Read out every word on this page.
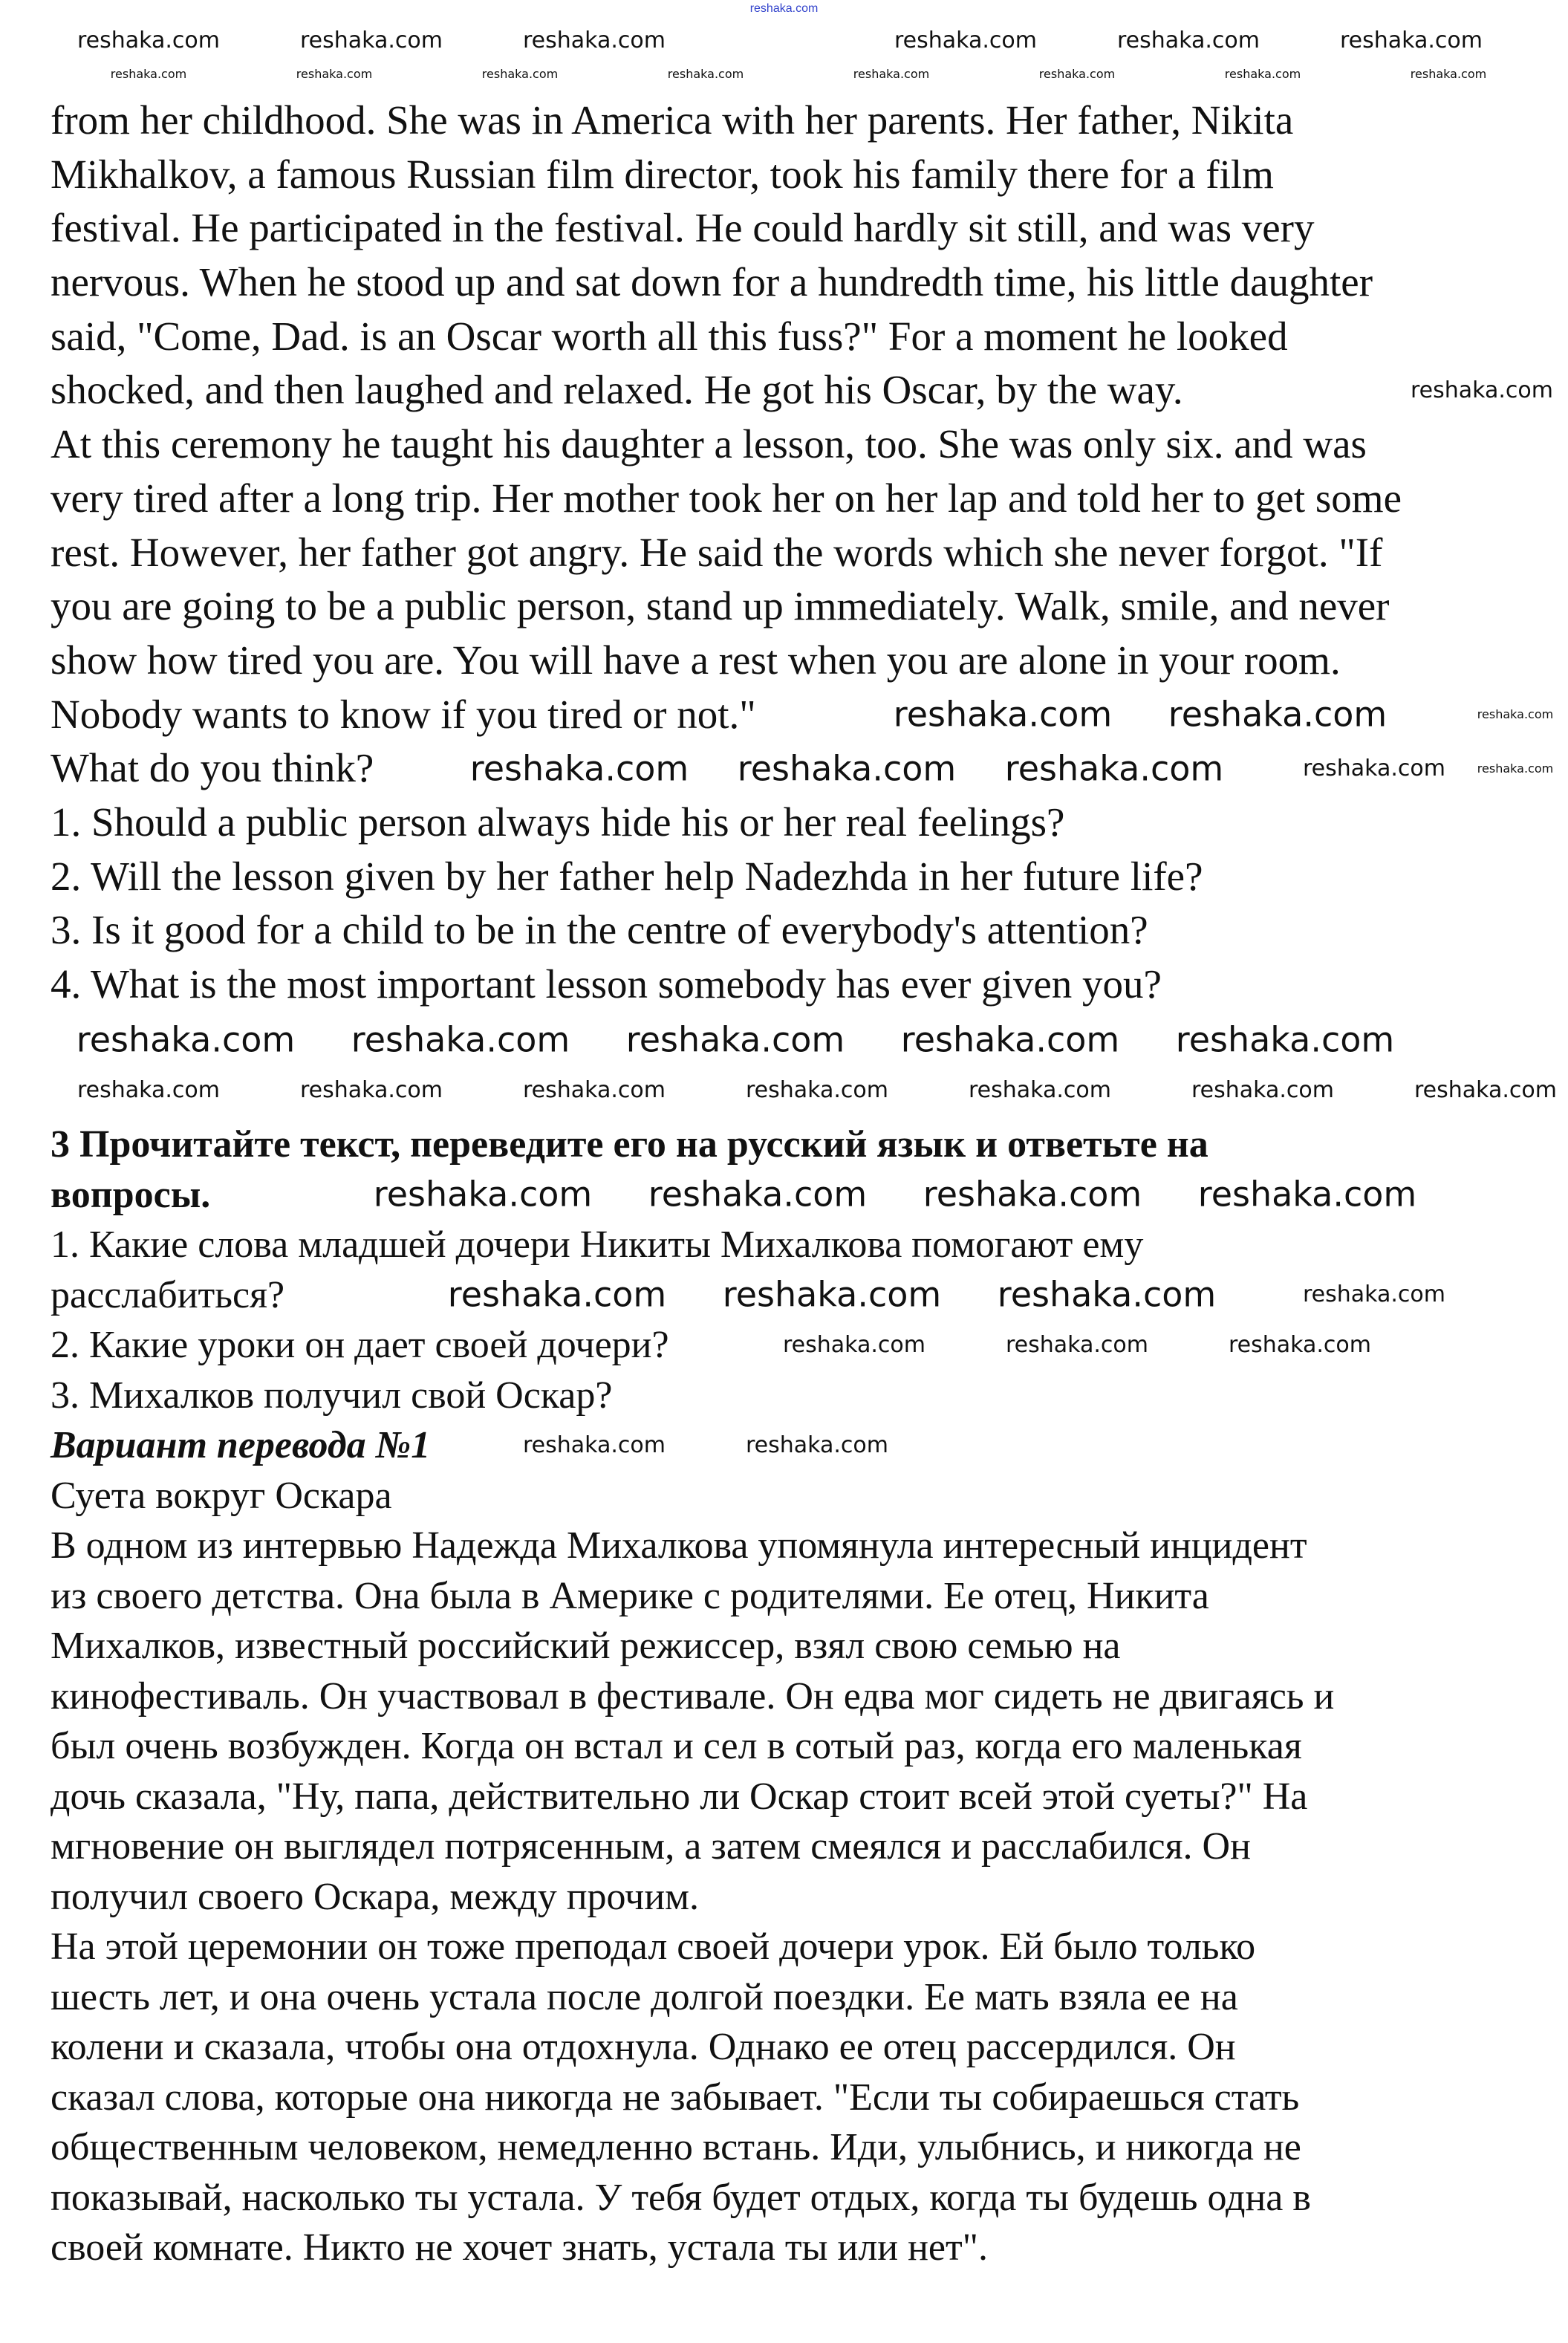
reshaka.com
from her childhood. She was in America with her parents. Her father, Nikita
Mikhalkov, a famous Russian film director, took his family there for a film
festival. He participated in the festival. He could hardly sit still, and was very
nervous. When he stood up and sat down for a hundredth time, his little daughter
said, "Come, Dad. is an Oscar worth all this fuss?" For a moment he looked
shocked, and then laughed and relaxed. He got his Oscar, by the way.
At this ceremony he taught his daughter a lesson, too. She was only six. and was
very tired after a long trip. Her mother took her on her lap and told her to get some
rest. However, her father got angry. He said the words which she never forgot. "If
you are going to be a public person, stand up immediately. Walk, smile, and never
show how tired you are. You will have a rest when you are alone in your room.
Nobody wants to know if you tired or not."
What do you think?
1. Should a public person always hide his or her real feelings?
2. Will the lesson given by her father help Nadezhda in her future life?
3. Is it good for a child to be in the centre of everybody's attention?
4. What is the most important lesson somebody has ever given you?
3 Прочитайте текст, переведите его на русский язык и ответьте на
вопросы.
1. Какие слова младшей дочери Никиты Михалкова помогают ему
расслабиться?
2. Какие уроки он дает своей дочери?
3. Михалков получил свой Оскар?
Вариант перевода №1
Суета вокруг Оскара
В одном из интервью Надежда Михалкова упомянула интересный инцидент
из своего детства. Она была в Америке с родителями. Ее отец, Никита
Михалков, известный российский режиссер, взял свою семью на
кинофестиваль. Он участвовал в фестивале. Он едва мог сидеть не двигаясь и
был очень возбужден. Когда он встал и сел в сотый раз, когда его маленькая
дочь сказала, "Ну, папа, действительно ли Оскар стоит всей этой суеты?" На
мгновение он выглядел потрясенным, а затем смеялся и расслабился. Он
получил своего Оскара, между прочим.
На этой церемонии он тоже преподал своей дочери урок. Ей было только
шесть лет, и она очень устала после долгой поездки. Ее мать взяла ее на
колени и сказала, чтобы она отдохнула. Однако ее отец рассердился. Он
сказал слова, которые она никогда не забывает. "Если ты собираешься стать
общественным человеком, немедленно встань. Иди, улыбнись, и никогда не
показывай, насколько ты устала. У тебя будет отдых, когда ты будешь одна в
своей комнате. Никто не хочет знать, устала ты или нет".
reshaka.com	reshaka.com	reshaka.com	reshaka.com	reshaka.com	reshaka.com
reshaka.com	reshaka.com	reshaka.com	reshaka.com	reshaka.com	reshaka.com	reshaka.com	reshaka.com
reshaka.com
reshaka.com reshaka.com	reshaka.com
reshaka.com reshaka.com reshaka.com	reshaka.com	reshaka.com
reshaka.com reshaka.com reshaka.com reshaka.com reshaka.com
reshaka.com	reshaka.com	reshaka.com	reshaka.com	reshaka.com	reshaka.com	reshaka.com
reshaka.com reshaka.com reshaka.com reshaka.com
reshaka.com reshaka.com reshaka.com	reshaka.com
reshaka.com	reshaka.com	reshaka.com
reshaka.com	reshaka.com
